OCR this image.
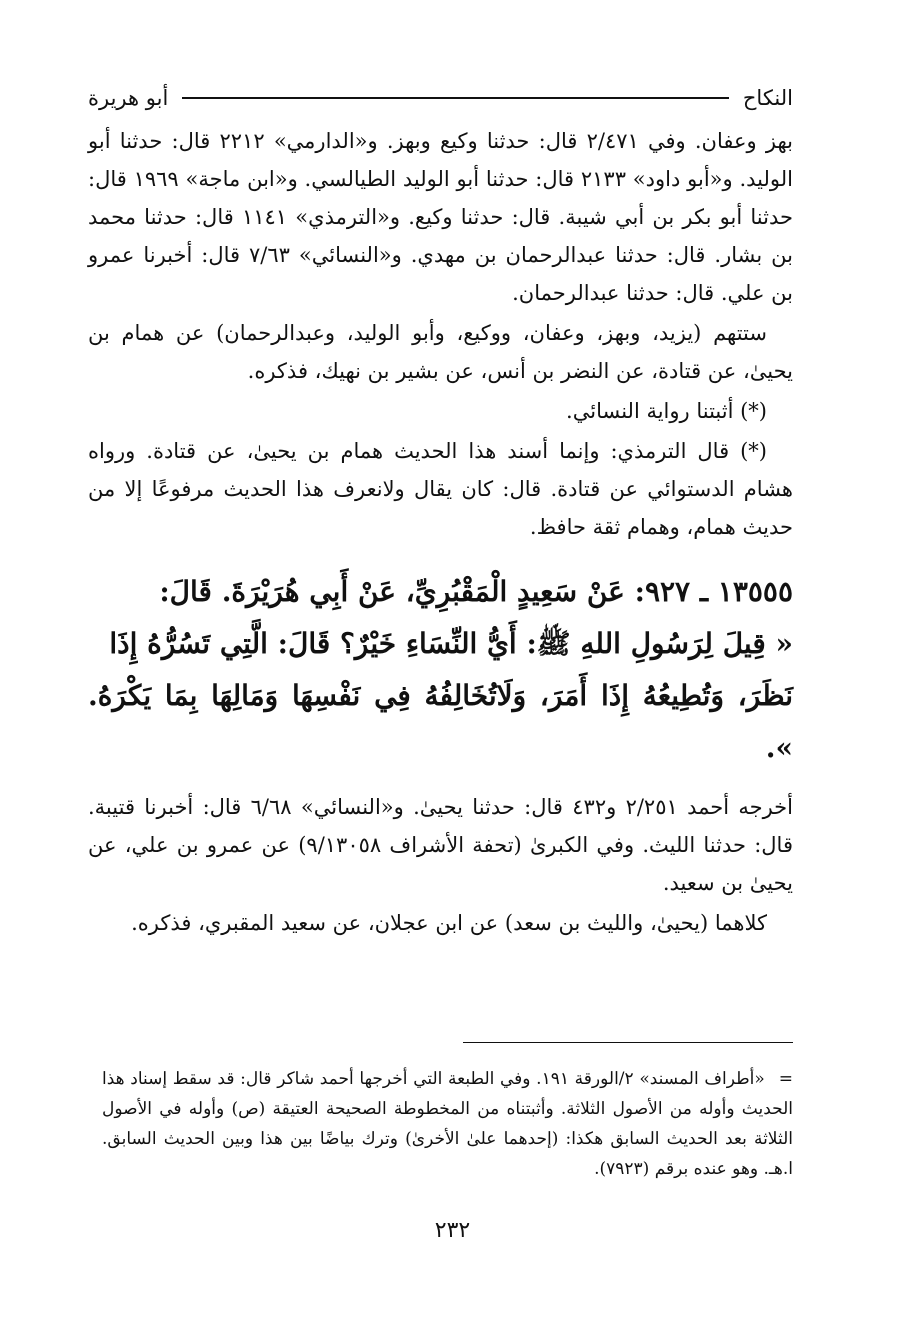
النكاح
أبو هريرة

بهز وعفان. وفي ٢/٤٧١ قال: حدثنا وكيع وبهز. و«الدارمي» ٢٢١٢ قال: حدثنا أبو الوليد. و«أبو داود» ٢١٣٣ قال: حدثنا أبو الوليد الطيالسي. و«ابن ماجة» ١٩٦٩ قال: حدثنا أبو بكر بن أبي شيبة. قال: حدثنا وكيع. و«الترمذي» ١١٤١ قال: حدثنا محمد بن بشار. قال: حدثنا عبدالرحمان بن مهدي. و«النسائي» ٧/٦٣ قال: أخبرنا عمرو بن علي. قال: حدثنا عبدالرحمان.

ستتهم (يزيد، وبهز، وعفان، ووكيع، وأبو الوليد، وعبدالرحمان) عن همام بن يحيىٰ، عن قتادة، عن النضر بن أنس، عن بشير بن نهيك، فذكره.

(*) أثبتنا رواية النسائي.

(*) قال الترمذي: وإنما أسند هذا الحديث همام بن يحيىٰ، عن قتادة. ورواه هشام الدستوائي عن قتادة. قال: كان يقال ولانعرف هذا الحديث مرفوعًا إلا من حديث همام، وهمام ثقة حافظ.

١٣٥٥٥ ـ ٩٢٧: عَنْ سَعِيدٍ الْمَقْبُرِيِّ، عَنْ أَبِي هُرَيْرَةَ. قَالَ:

« قِيلَ لِرَسُولِ اللهِ ﷺ: أَيُّ النِّسَاءِ خَيْرٌ؟ قَالَ: الَّتِي تَسُرُّهُ إِذَا

نَظَرَ، وَتُطِيعُهُ إِذَا أَمَرَ، وَلَاتُخَالِفُهُ فِي نَفْسِهَا وَمَالِهَا بِمَا يَكْرَهُ. ».

أخرجه أحمد ٢/٢٥١ و٤٣٢ قال: حدثنا يحيىٰ. و«النسائي» ٦/٦٨ قال: أخبرنا قتيبة. قال: حدثنا الليث. وفي الكبرىٰ (تحفة الأشراف ٩/١٣٠٥٨) عن عمرو بن علي، عن يحيىٰ بن سعيد.

كلاهما (يحيىٰ، والليث بن سعد) عن ابن عجلان، عن سعيد المقبري، فذكره.

=«أطراف المسند» ٢/الورقة ١٩١. وفي الطبعة التي أخرجها أحمد شاكر قال: قد سقط إسناد هذا الحديث وأوله من الأصول الثلاثة. وأثبتناه من المخطوطة الصحيحة العتيقة (ص) وأوله في الأصول الثلاثة بعد الحديث السابق هكذا: (إحدهما علىٰ الأخرىٰ) وترك بياضًا بين هذا وبين الحديث السابق. ا.هـ. وهو عنده برقم (٧٩٢٣).
٢٣٢
